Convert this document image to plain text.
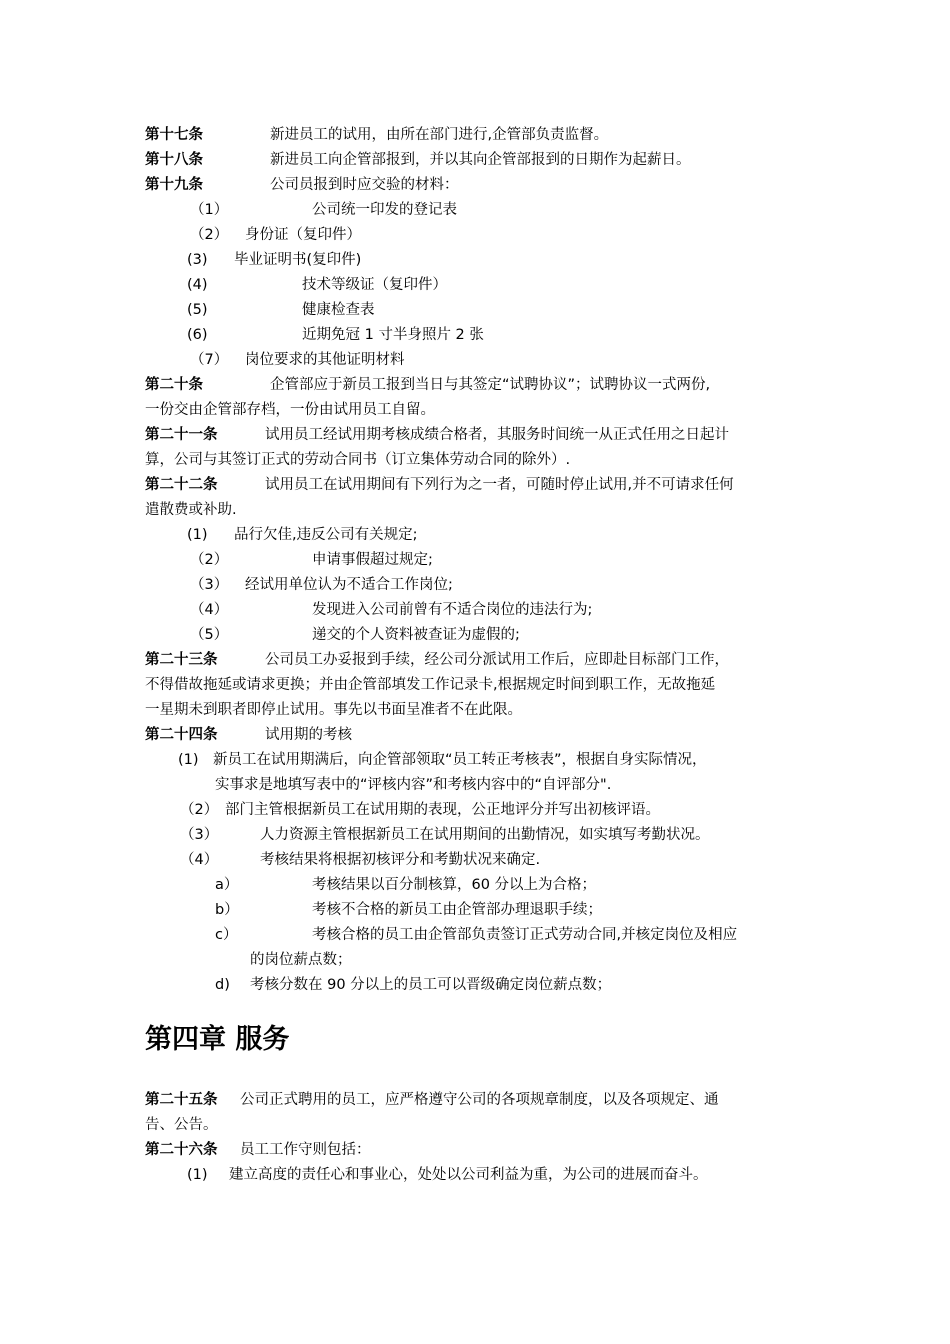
第十七条	新进员工的试用，由所在部门进行,企管部负责监督。
第十八条	新进员工向企管部报到，并以其向企管部报到的日期作为起薪日。
第十九条	公司员报到时应交验的材料：
（1）	公司统一印发的登记表
（2） 身份证（复印件）
(3) 毕业证明书(复印件)
(4)	技术等级证（复印件）
(5)	健康检查表
(6)	近期免冠 1 寸半身照片 2 张
（7） 岗位要求的其他证明材料
第二十条	企管部应于新员工报到当日与其签定“试聘协议”；试聘协议一式两份,
一份交由企管部存档，一份由试用员工自留。
第二十一条	试用员工经试用期考核成绩合格者，其服务时间统一从正式任用之日起计
算，公司与其签订正式的劳动合同书（订立集体劳动合同的除外）.
第二十二条	试用员工在试用期间有下列行为之一者，可随时停止试用,并不可请求任何
遣散费或补助.
(1) 品行欠佳,违反公司有关规定;
（2）	申请事假超过规定;
（3） 经试用单位认为不适合工作岗位;
（4）	发现进入公司前曾有不适合岗位的违法行为;
（5）	递交的个人资料被查证为虚假的;
第二十三条	公司员工办妥报到手续，经公司分派试用工作后，应即赴目标部门工作，
不得借故拖延或请求更换；并由企管部填发工作记录卡,根据规定时间到职工作，无故拖延
一星期未到职者即停止试用。事先以书面呈准者不在此限。
第二十四条	试用期的考核
(1) 新员工在试用期满后，向企管部领取“员工转正考核表”，根据自身实际情况，
实事求是地填写表中的“评核内容”和考核内容中的“自评部分".
（2） 部门主管根据新员工在试用期的表现，公正地评分并写出初核评语。
（3）	人力资源主管根据新员工在试用期间的出勤情况，如实填写考勤状况。
（4）	考核结果将根据初核评分和考勤状况来确定.
a）	考核结果以百分制核算，60 分以上为合格；
b）	考核不合格的新员工由企管部办理退职手续；
c）	考核合格的员工由企管部负责签订正式劳动合同,并核定岗位及相应
的岗位薪点数；
d) 考核分数在 90 分以上的员工可以晋级确定岗位薪点数；
第四章 服务
第二十五条 公司正式聘用的员工，应严格遵守公司的各项规章制度，以及各项规定、通
告、公告。
第二十六条 员工工作守则包括：
(1) 建立高度的责任心和事业心，处处以公司利益为重，为公司的进展而奋斗。
